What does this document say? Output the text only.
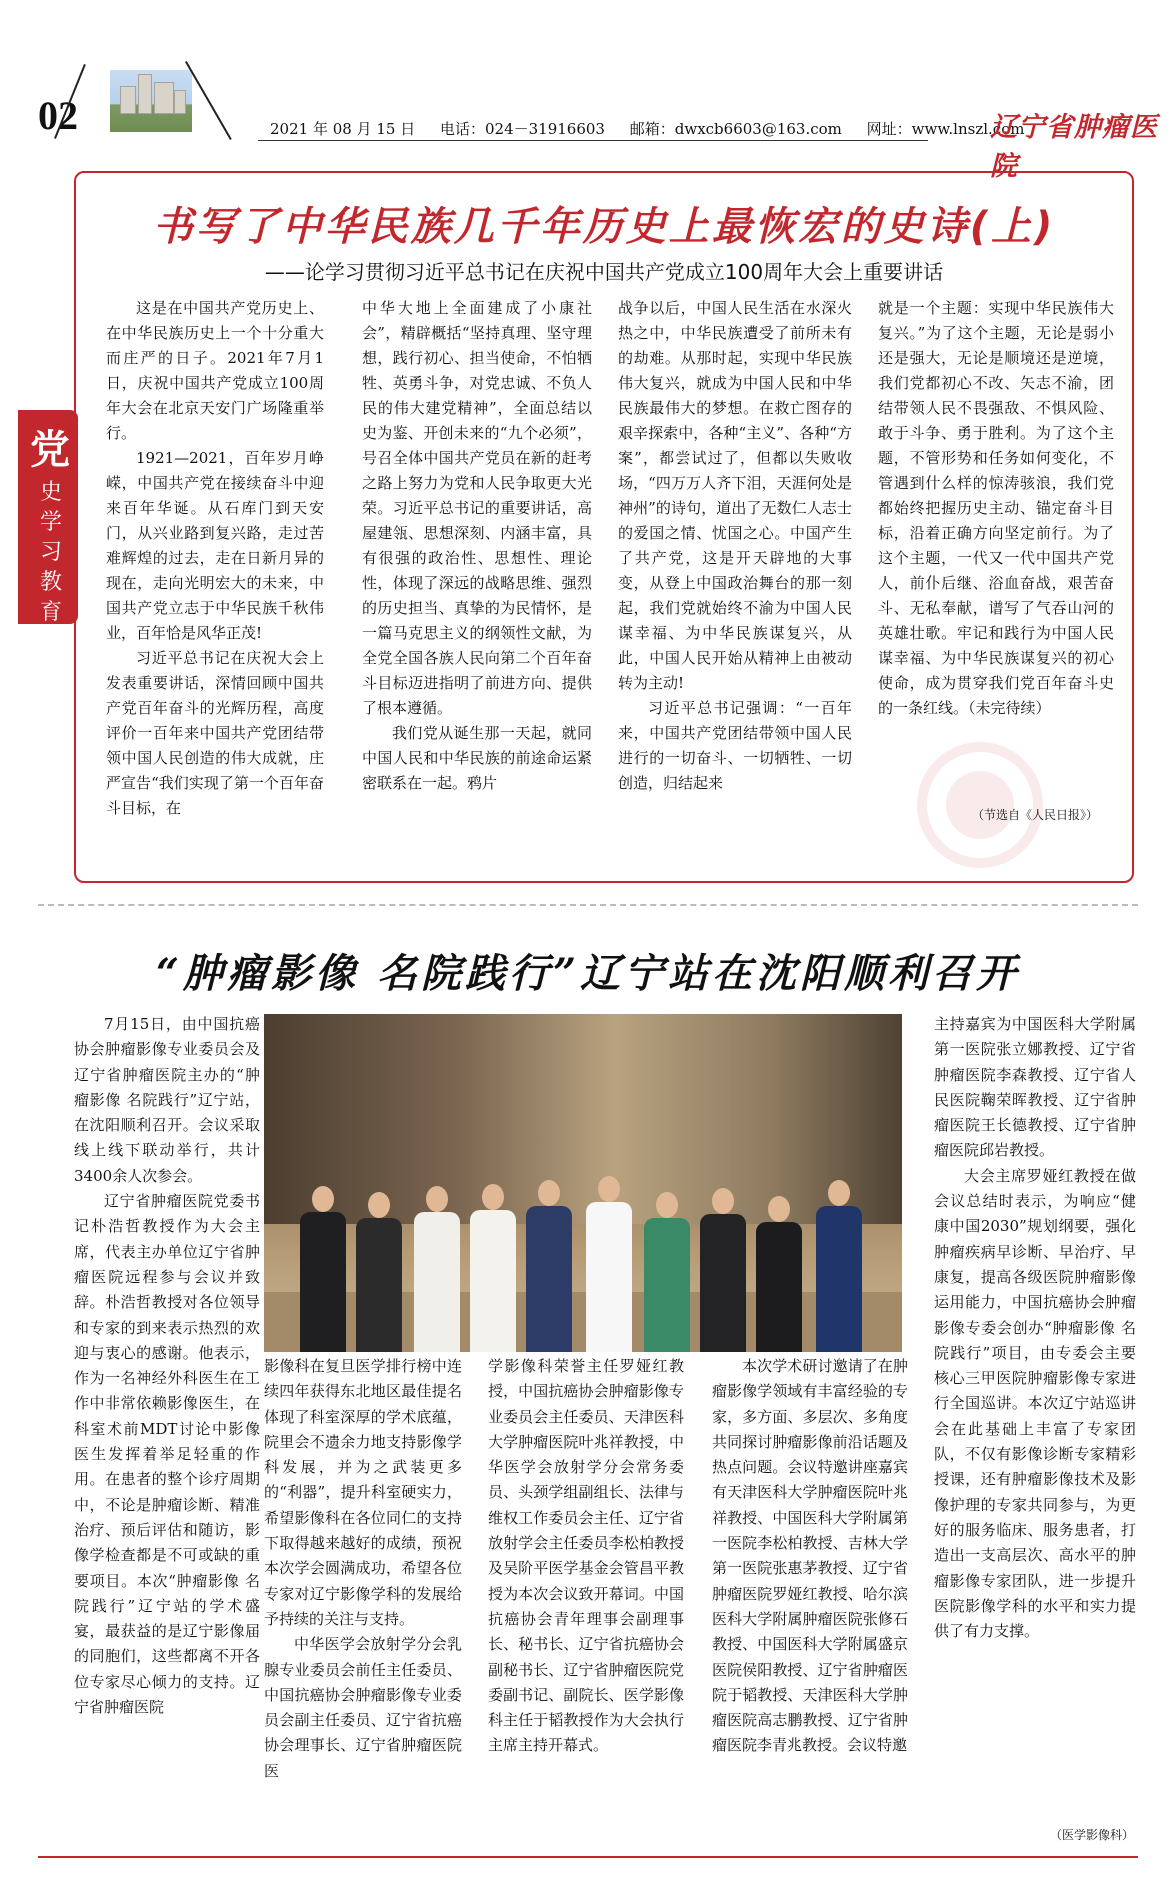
02	2021 年 08 月 15 日 电话：024－31916603 邮箱：dwxcb6603@163.com 网址：www.lnszl.com
辽宁省肿瘤医院
党
史学习教育
书写了中华民族几千年历史上最恢宏的史诗(上)
——论学习贯彻习近平总书记在庆祝中国共产党成立100周年大会上重要讲话

这是在中国共产党历史上、在中华民族历史上一个十分重大而庄严的日子。2021年7月1日，庆祝中国共产党成立100周年大会在北京天安门广场隆重举行。

1921—2021，百年岁月峥嵘，中国共产党在接续奋斗中迎来百年华诞。从石库门到天安门，从兴业路到复兴路，走过苦难辉煌的过去，走在日新月异的现在，走向光明宏大的未来，中国共产党立志于中华民族千秋伟业，百年恰是风华正茂!

习近平总书记在庆祝大会上发表重要讲话，深情回顾中国共产党百年奋斗的光辉历程，高度评价一百年来中国共产党团结带领中国人民创造的伟大成就，庄严宣告“我们实现了第一个百年奋斗目标，在

中华大地上全面建成了小康社会”，精辟概括“坚持真理、坚守理想，践行初心、担当使命，不怕牺牲、英勇斗争，对党忠诚、不负人民的伟大建党精神”，全面总结以史为鉴、开创未来的“九个必须”，号召全体中国共产党员在新的赶考之路上努力为党和人民争取更大光荣。习近平总书记的重要讲话，高屋建瓴、思想深刻、内涵丰富，具有很强的政治性、思想性、理论性，体现了深远的战略思维、强烈的历史担当、真挚的为民情怀，是一篇马克思主义的纲领性文献，为全党全国各族人民向第二个百年奋斗目标迈进指明了前进方向、提供了根本遵循。

我们党从诞生那一天起，就同中国人民和中华民族的前途命运紧密联系在一起。鸦片

战争以后，中国人民生活在水深火热之中，中华民族遭受了前所未有的劫难。从那时起，实现中华民族伟大复兴，就成为中国人民和中华民族最伟大的梦想。在救亡图存的艰辛探索中，各种“主义”、各种“方案”，都尝试过了，但都以失败收场，“四万万人齐下泪，天涯何处是神州”的诗句，道出了无数仁人志士的爱国之情、忧国之心。中国产生了共产党，这是开天辟地的大事变，从登上中国政治舞台的那一刻起，我们党就始终不渝为中国人民谋幸福、为中华民族谋复兴，从此，中国人民开始从精神上由被动转为主动!

习近平总书记强调：“一百年来，中国共产党团结带领中国人民进行的一切奋斗、一切牺牲、一切创造，归结起来

就是一个主题：实现中华民族伟大复兴。”为了这个主题，无论是弱小还是强大，无论是顺境还是逆境，我们党都初心不改、矢志不渝，团结带领人民不畏强敌、不惧风险、敢于斗争、勇于胜利。为了这个主题，不管形势和任务如何变化，不管遇到什么样的惊涛骇浪，我们党都始终把握历史主动、锚定奋斗目标，沿着正确方向坚定前行。为了这个主题，一代又一代中国共产党人，前仆后继、浴血奋战，艰苦奋斗、无私奉献，谱写了气吞山河的英雄壮歌。牢记和践行为中国人民谋幸福、为中华民族谋复兴的初心使命，成为贯穿我们党百年奋斗史的一条红线。（未完待续）

（节选自《人民日报》）
“肿瘤影像 名院践行”辽宁站在沈阳顺利召开

7月15日，由中国抗癌协会肿瘤影像专业委员会及辽宁省肿瘤医院主办的“肿瘤影像 名院践行”辽宁站，在沈阳顺利召开。会议采取线上线下联动举行，共计3400余人次参会。

辽宁省肿瘤医院党委书记朴浩哲教授作为大会主席，代表主办单位辽宁省肿瘤医院远程参与会议并致辞。朴浩哲教授对各位领导和专家的到来表示热烈的欢迎与衷心的感谢。他表示，作为一名神经外科医生在工作中非常依赖影像医生，在科室术前MDT讨论中影像医生发挥着举足轻重的作用。在患者的整个诊疗周期中，不论是肿瘤诊断、精准治疗、预后评估和随访，影像学检查都是不可或缺的重要项目。本次“肿瘤影像 名院践行”辽宁站的学术盛宴，最获益的是辽宁影像届的同胞们，这些都离不开各位专家尽心倾力的支持。辽宁省肿瘤医院

影像科在复旦医学排行榜中连续四年获得东北地区最佳提名体现了科室深厚的学术底蕴，院里会不遗余力地支持影像学科发展，并为之武装更多的“利器”，提升科室硬实力，希望影像科在各位同仁的支持下取得越来越好的成绩，预祝本次学会圆满成功，希望各位专家对辽宁影像学科的发展给予持续的关注与支持。

中华医学会放射学分会乳腺专业委员会前任主任委员、中国抗癌协会肿瘤影像专业委员会副主任委员、辽宁省抗癌协会理事长、辽宁省肿瘤医院医

学影像科荣誉主任罗娅红教授，中国抗癌协会肿瘤影像专业委员会主任委员、天津医科大学肿瘤医院叶兆祥教授，中华医学会放射学分会常务委员、头颈学组副组长、法律与维权工作委员会主任、辽宁省放射学会主任委员李松柏教授及吴阶平医学基金会管昌平教授为本次会议致开幕词。中国抗癌协会青年理事会副理事长、秘书长、辽宁省抗癌协会副秘书长、辽宁省肿瘤医院党委副书记、副院长、医学影像科主任于韬教授作为大会执行主席主持开幕式。

本次学术研讨邀请了在肿瘤影像学领域有丰富经验的专家，多方面、多层次、多角度共同探讨肿瘤影像前沿话题及热点问题。会议特邀讲座嘉宾有天津医科大学肿瘤医院叶兆祥教授、中国医科大学附属第一医院李松柏教授、吉林大学第一医院张惠茅教授、辽宁省肿瘤医院罗娅红教授、哈尔滨医科大学附属肿瘤医院张修石教授、中国医科大学附属盛京医院侯阳教授、辽宁省肿瘤医院于韬教授、天津医科大学肿瘤医院高志鹏教授、辽宁省肿瘤医院李青兆教授。会议特邀

主持嘉宾为中国医科大学附属第一医院张立娜教授、辽宁省肿瘤医院李森教授、辽宁省人民医院鞠荣晖教授、辽宁省肿瘤医院王长德教授、辽宁省肿瘤医院邱岩教授。

大会主席罗娅红教授在做会议总结时表示，为响应“健康中国2030”规划纲要，强化肿瘤疾病早诊断、早治疗、早康复，提高各级医院肿瘤影像运用能力，中国抗癌协会肿瘤影像专委会创办“肿瘤影像 名院践行”项目，由专委会主要核心三甲医院肿瘤影像专家进行全国巡讲。本次辽宁站巡讲会在此基础上丰富了专家团队，不仅有影像诊断专家精彩授课，还有肿瘤影像技术及影像护理的专家共同参与，为更好的服务临床、服务患者，打造出一支高层次、高水平的肿瘤影像专家团队，进一步提升医院影像学科的水平和实力提供了有力支撑。

（医学影像科）
